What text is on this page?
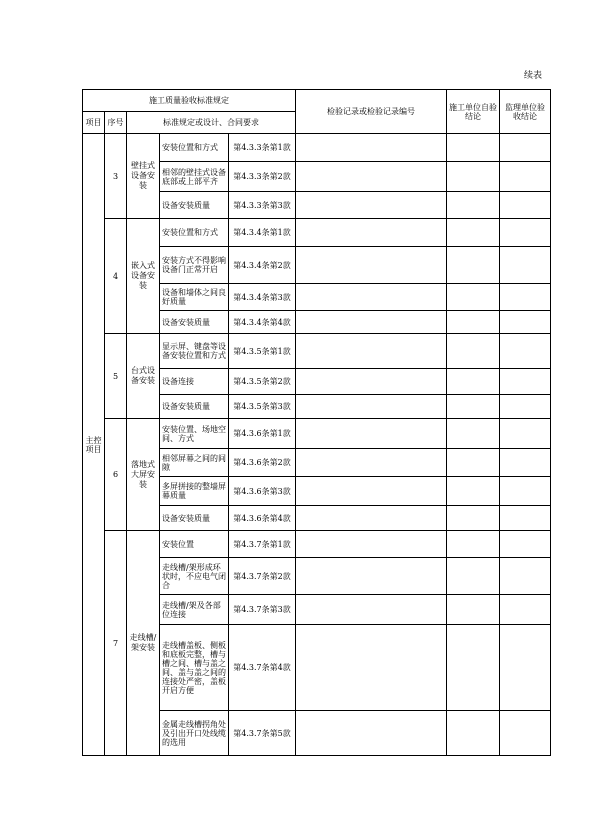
续表
施工质量验收标准规定					检验记录或检验记录编号	施工单位自验结论	监理单位验收结论
项目	序号	标准规定或设计、合同要求					
主控项目	3	壁挂式设备安装	安装位置和方式	第4.3.3条第1款			
			相邻的壁挂式设备底部或上部平齐	第4.3.3条第2款			
			设备安装质量	第4.3.3条第3款			
	4	嵌入式设备安装	安装位置和方式	第4.3.4条第1款			
			安装方式不得影响设备门正常开启	第4.3.4条第2款			
			设备和墙体之间良好质量	第4.3.4条第3款			
			设备安装质量	第4.3.4条第4款			
	5	台式设备安装	显示屏、键盘等设备安装位置和方式	第4.3.5条第1款			
			设备连接	第4.3.5条第2款			
			设备安装质量	第4.3.5条第3款			
	6	落地式大屏安装	安装位置、场地空间、方式	第4.3.6条第1款			
			相邻屏幕之间的间隙	第4.3.6条第2款			
			多屏拼接的整墙屏幕质量	第4.3.6条第3款			
			设备安装质量	第4.3.6条第4款			
	7	走线槽/架安装	安装位置	第4.3.7条第1款			
			走线槽/架形成环状时，不应电气闭合	第4.3.7条第2款			
			走线槽/架及各部位连接	第4.3.7条第3款			
			走线槽盖板、侧板和底板完整，槽与槽之间、槽与盖之间、盖与盖之间的连接处严密，盖板开启方便	第4.3.7条第4款			
			金属走线槽拐角处及引出开口处线缆的选用	第4.3.7条第5款			
